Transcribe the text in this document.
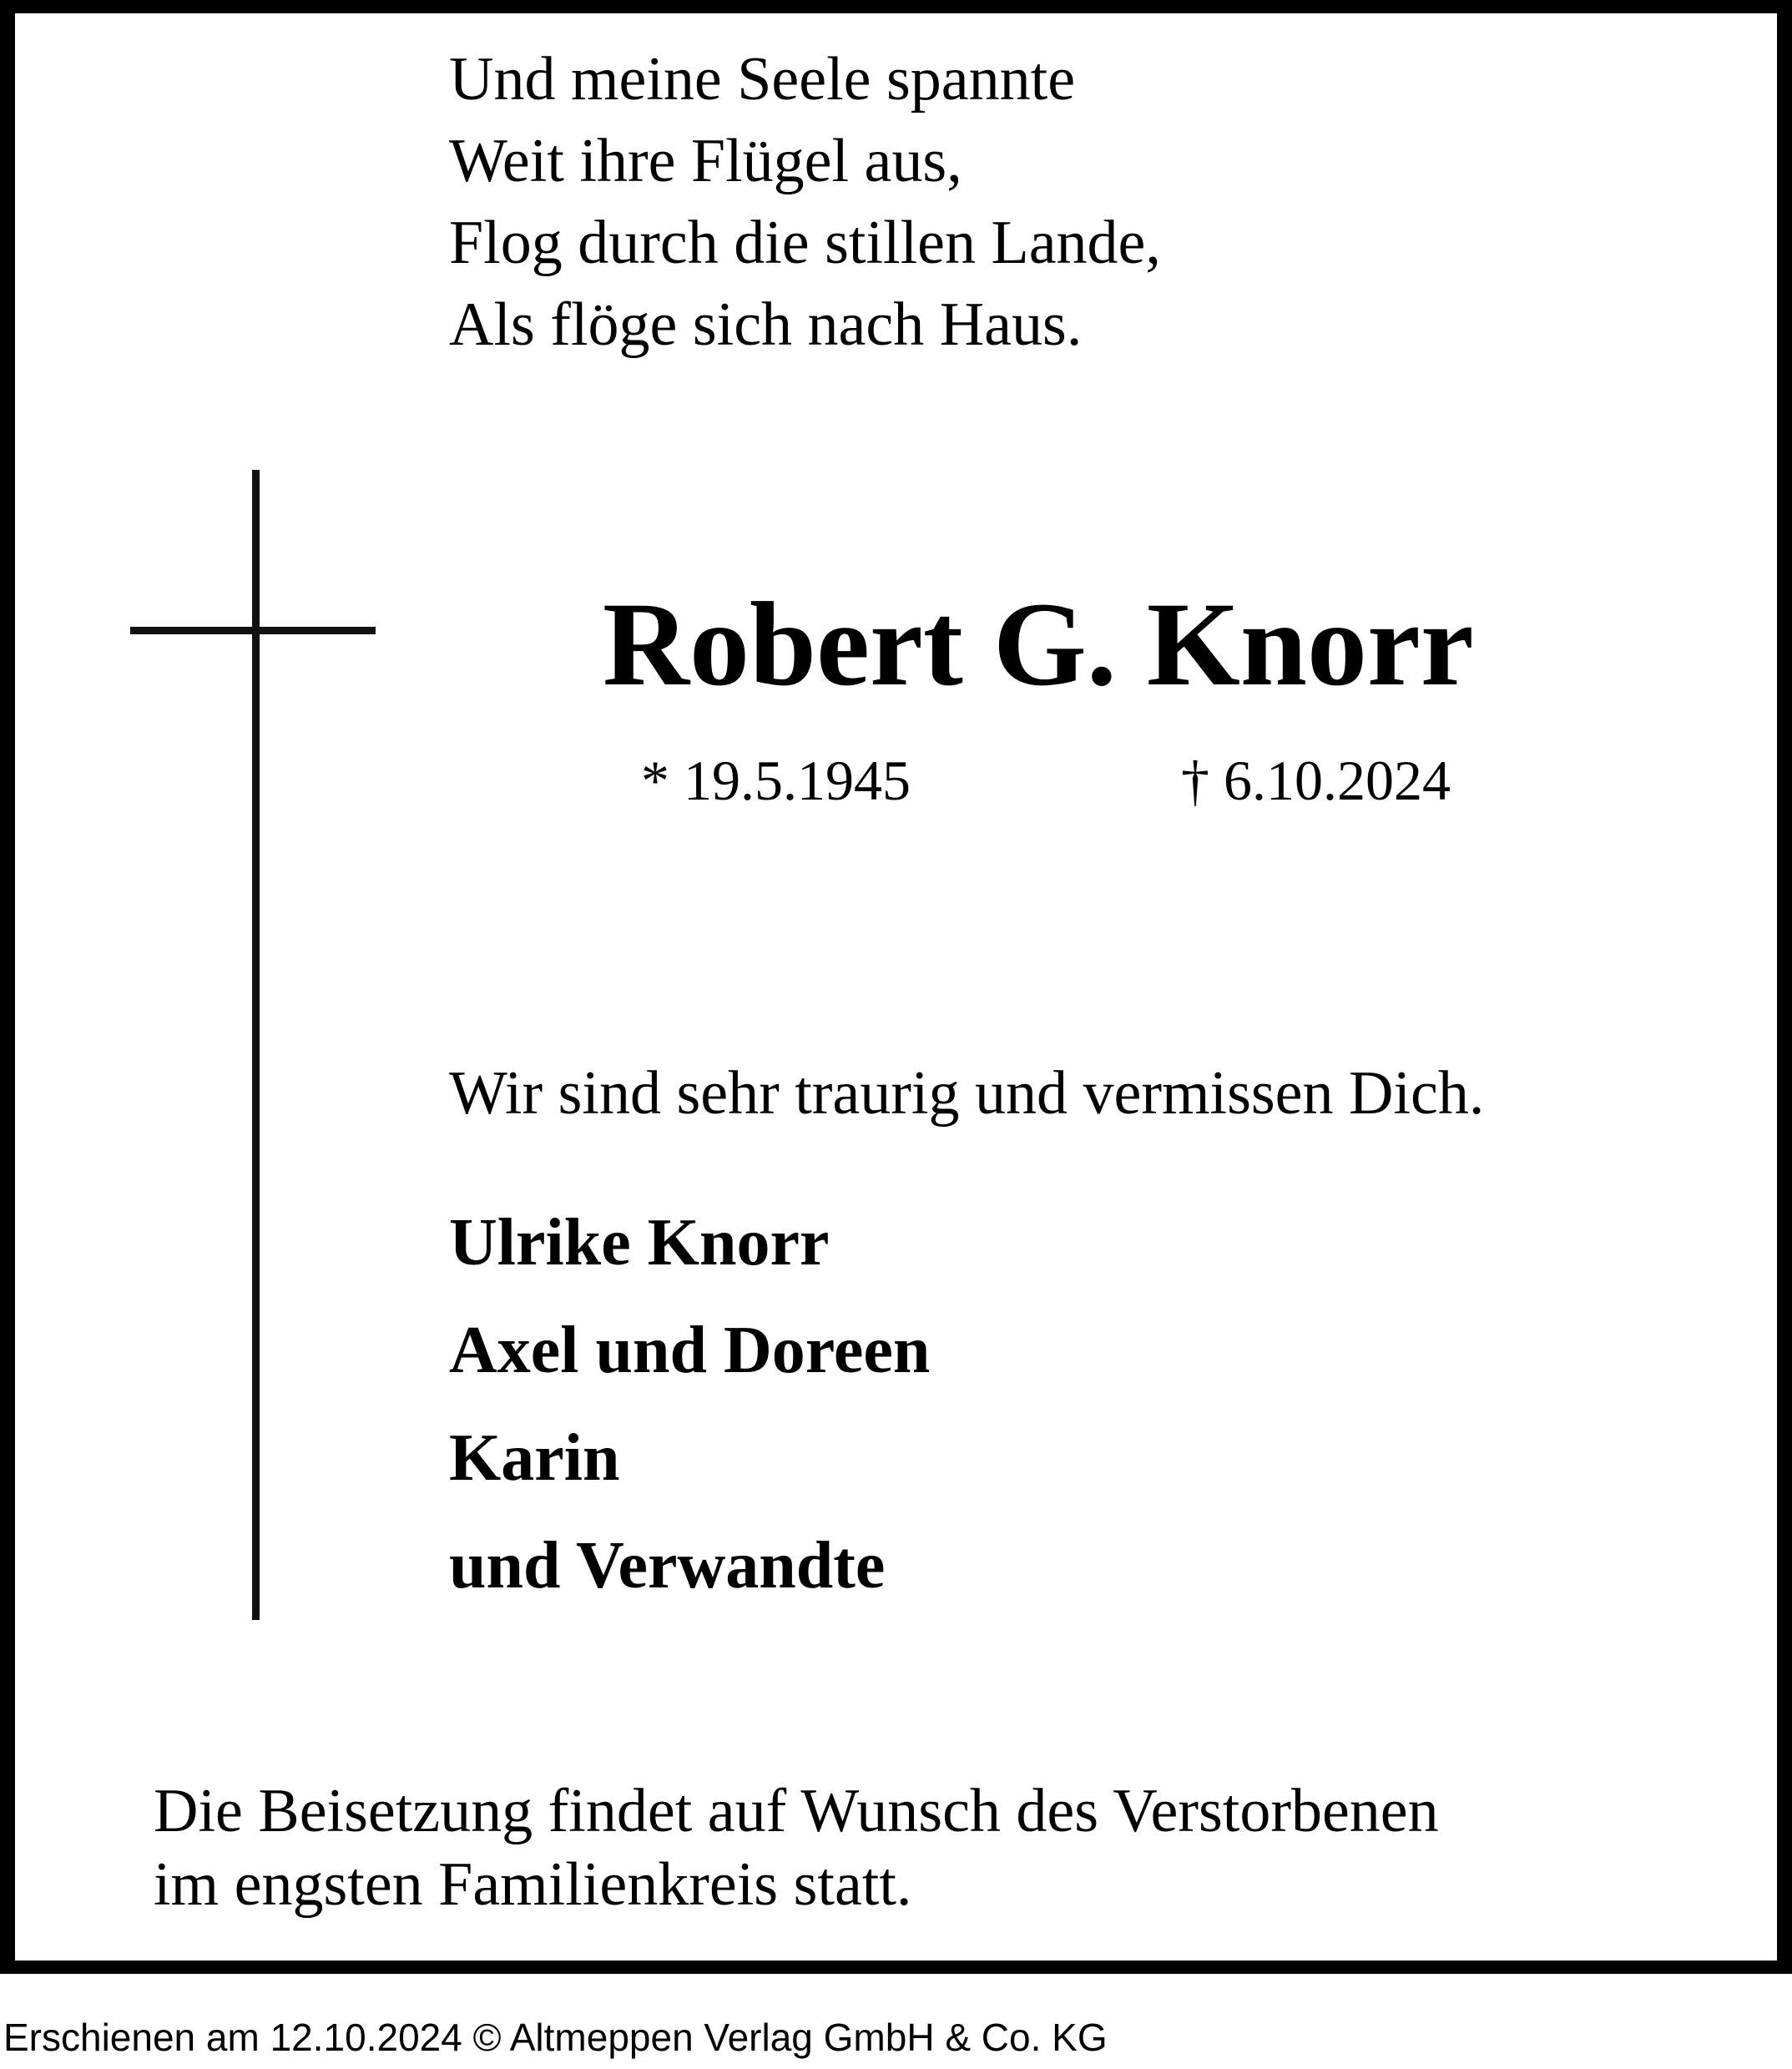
Und meine Seele spannte
Weit ihre Flügel aus,
Flog durch die stillen Lande,
Als flöge sich nach Haus.
Robert G. Knorr
* 19.5.1945	† 6.10.2024
Wir sind sehr traurig und vermissen Dich.
Ulrike Knorr
Axel und Doreen
Karin
und Verwandte
Die Beisetzung findet auf Wunsch des Verstorbenen
im engsten Familienkreis statt.
Erschienen am 12.10.2024 © Altmeppen Verlag GmbH & Co. KG
